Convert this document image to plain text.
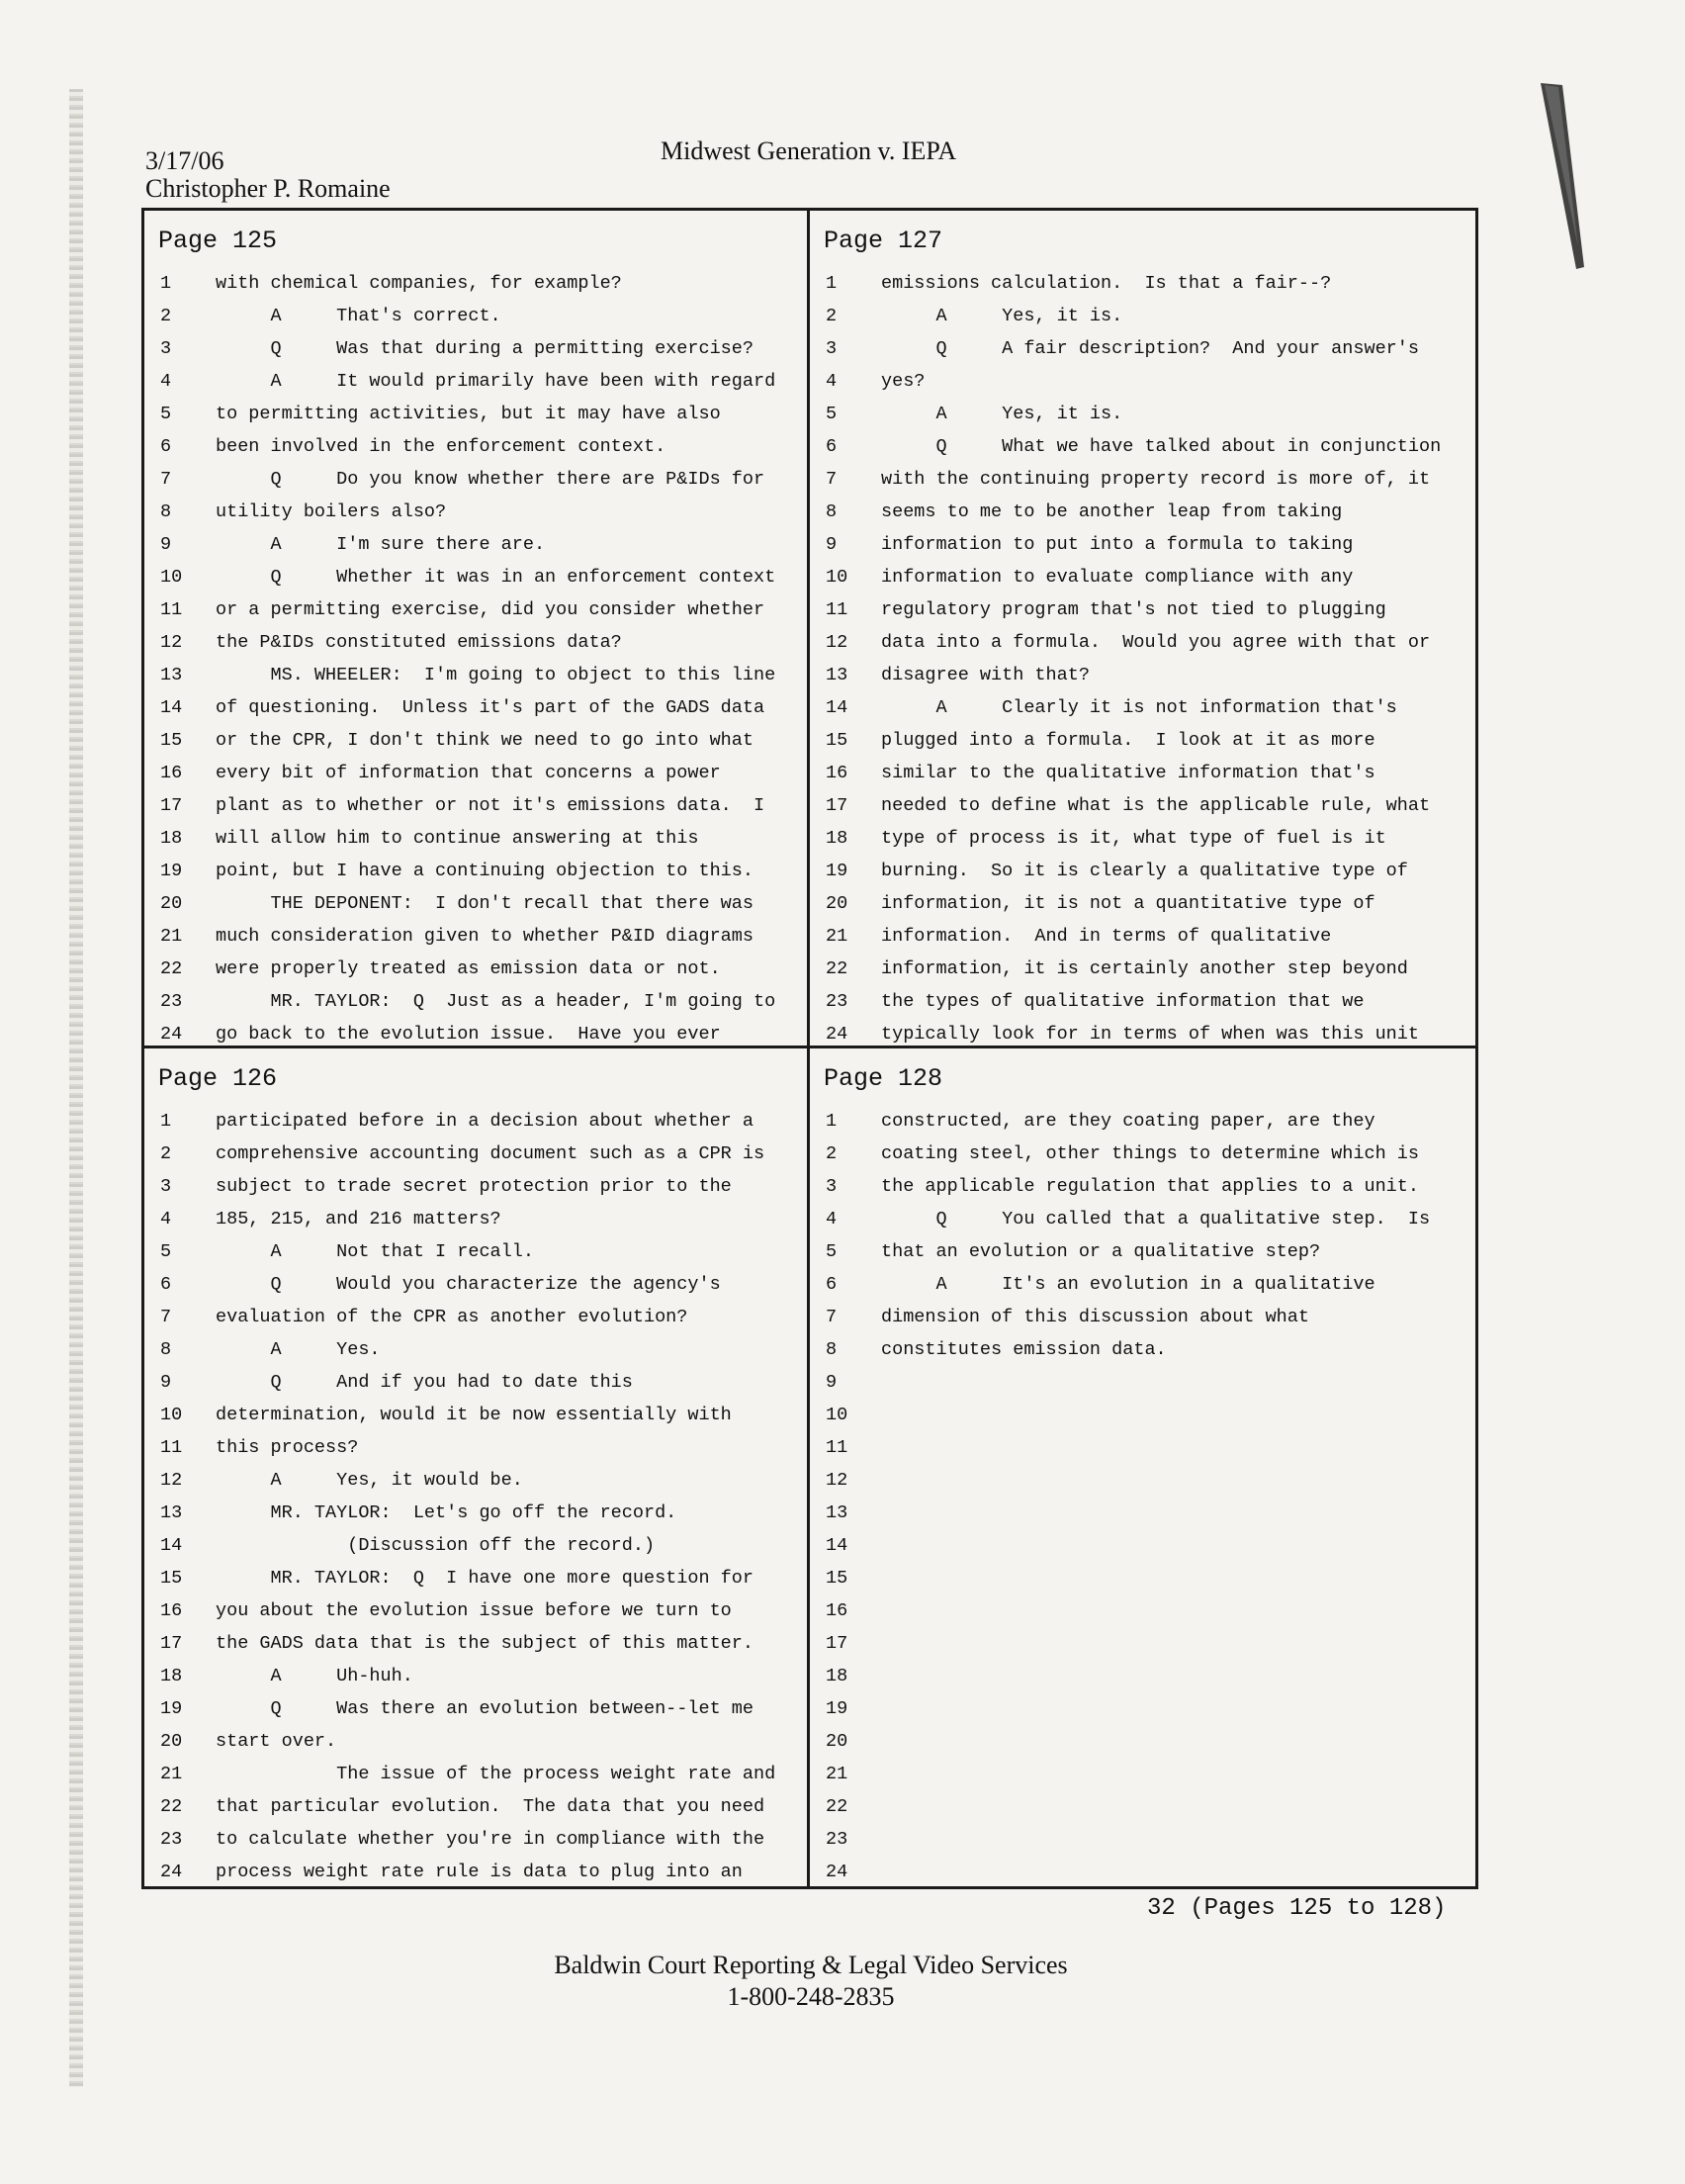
3/17/06
Christopher P. Romaine
Midwest Generation v. IEPA
Page 125
1	with chemical companies, for example?
2	A     That's correct.
3	Q     Was that during a permitting exercise?
4	A     It would primarily have been with regard
5	to permitting activities, but it may have also
6	been involved in the enforcement context.
7	Q     Do you know whether there are P&IDs for
8	utility boilers also?
9	A     I'm sure there are.
10	Q     Whether it was in an enforcement context
11	or a permitting exercise, did you consider whether
12	the P&IDs constituted emissions data?
13	MS. WHEELER:  I'm going to object to this line
14	of questioning.  Unless it's part of the GADS data
15	or the CPR, I don't think we need to go into what
16	every bit of information that concerns a power
17	plant as to whether or not it's emissions data.  I
18	will allow him to continue answering at this
19	point, but I have a continuing objection to this.
20	THE DEPONENT:  I don't recall that there was
21	much consideration given to whether P&ID diagrams
22	were properly treated as emission data or not.
23	MR. TAYLOR:  Q  Just as a header, I'm going to
24	go back to the evolution issue.  Have you ever
Page 127
1	emissions calculation.  Is that a fair--?
2	A     Yes, it is.
3	Q     A fair description?  And your answer's
4	yes?
5	A     Yes, it is.
6	Q     What we have talked about in conjunction
7	with the continuing property record is more of, it
8	seems to me to be another leap from taking
9	information to put into a formula to taking
10	information to evaluate compliance with any
11	regulatory program that's not tied to plugging
12	data into a formula.  Would you agree with that or
13	disagree with that?
14	A     Clearly it is not information that's
15	plugged into a formula.  I look at it as more
16	similar to the qualitative information that's
17	needed to define what is the applicable rule, what
18	type of process is it, what type of fuel is it
19	burning.  So it is clearly a qualitative type of
20	information, it is not a quantitative type of
21	information.  And in terms of qualitative
22	information, it is certainly another step beyond
23	the types of qualitative information that we
24	typically look for in terms of when was this unit
Page 126
1	participated before in a decision about whether a
2	comprehensive accounting document such as a CPR is
3	subject to trade secret protection prior to the
4	185, 215, and 216 matters?
5	A     Not that I recall.
6	Q     Would you characterize the agency's
7	evaluation of the CPR as another evolution?
8	A     Yes.
9	Q     And if you had to date this
10	determination, would it be now essentially with
11	this process?
12	A     Yes, it would be.
13	MR. TAYLOR:  Let's go off the record.
14	(Discussion off the record.)
15	MR. TAYLOR:  Q  I have one more question for
16	you about the evolution issue before we turn to
17	the GADS data that is the subject of this matter.
18	A     Uh-huh.
19	Q     Was there an evolution between--let me
20	start over.
21	The issue of the process weight rate and
22	that particular evolution.  The data that you need
23	to calculate whether you're in compliance with the
24	process weight rate rule is data to plug into an
Page 128
1	constructed, are they coating paper, are they
2	coating steel, other things to determine which is
3	the applicable regulation that applies to a unit.
4	Q     You called that a qualitative step.  Is
5	that an evolution or a qualitative step?
6	A     It's an evolution in a qualitative
7	dimension of this discussion about what
8	constitutes emission data.
9
10
11
12
13
14
15
16
17
18
19
20
21
22
23
24
32 (Pages 125 to 128)
Baldwin Court Reporting & Legal Video Services
1-800-248-2835
